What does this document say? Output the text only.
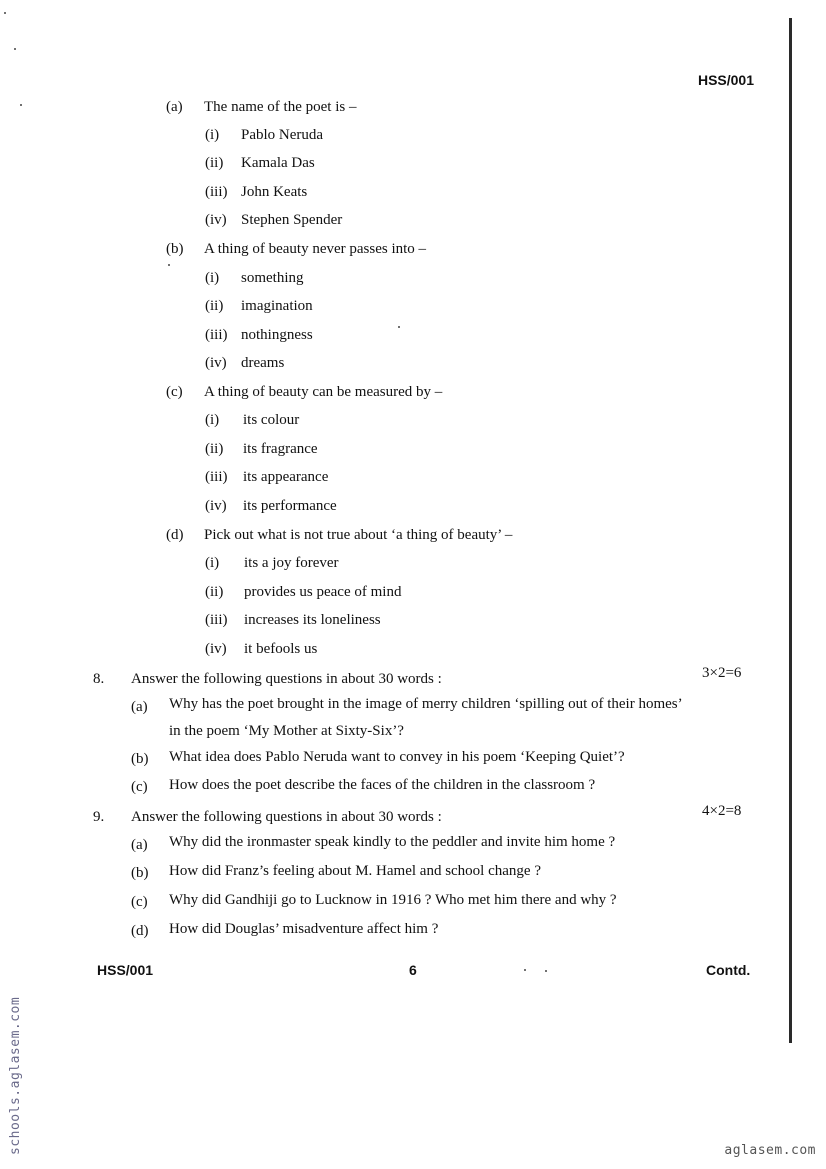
HSS/001
(a) The name of the poet is –
(i) Pablo Neruda
(ii) Kamala Das
(iii) John Keats
(iv) Stephen Spender
(b) A thing of beauty never passes into –
(i) something
(ii) imagination
(iii) nothingness
(iv) dreams
(c) A thing of beauty can be measured by –
(i) its colour
(ii) its fragrance
(iii) its appearance
(iv) its performance
(d) Pick out what is not true about ‘a thing of beauty’ –
(i) its a joy forever
(ii) provides us peace of mind
(iii) increases its loneliness
(iv) it befools us
8. Answer the following questions in about 30 words :	3×2=6
(a) Why has the poet brought in the image of merry children ‘spilling out of their homes’
in the poem ‘My Mother at Sixty-Six’?
(b) What idea does Pablo Neruda want to convey in his poem ‘Keeping Quiet’?
(c) How does the poet describe the faces of the children in the classroom ?
9. Answer the following questions in about 30 words :	4×2=8
(a) Why did the ironmaster speak kindly to the peddler and invite him home ?
(b) How did Franz’s feeling about M. Hamel and school change ?
(c) Why did Gandhiji go to Lucknow in 1916 ? Who met him there and why ?
(d) How did Douglas’ misadventure affect him ?
HSS/001	6	Contd.
schools.aglasem.com	aglasem.com
